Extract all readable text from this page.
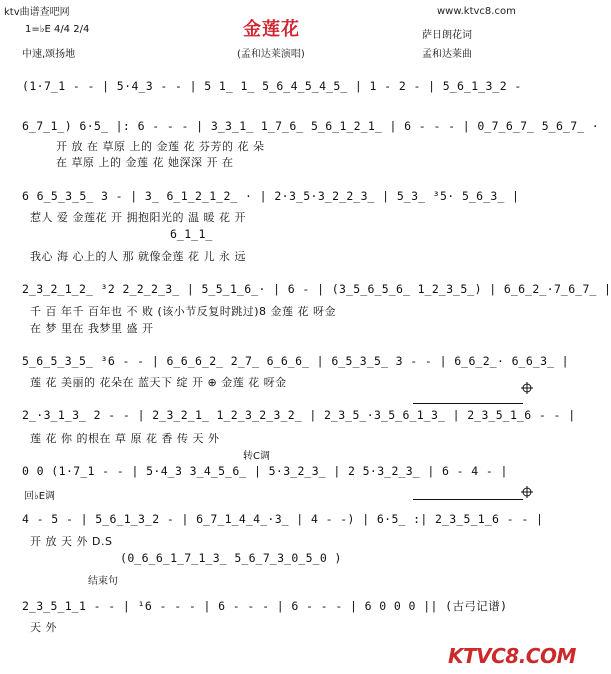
ktv曲谱查吧网	www.ktvc8.com
金莲花
(孟和达莱演唱)
1=♭E 4/4 2/4
中速,颂扬地
萨日朗花词
孟和达莱曲
(1·7̲1 - - | 5·4̲3 - - | 5 1̲ 1̲ 5̲6̲4̲5̲4̲5̲ | 1 - 2 - | 5̲6̲1̲3̲2 -
6̲7̲1̲) 6·5̲ |: 6 - - - | 3̲3̲1̲ 1̲7̲6̲ 5̲6̲1̲2̲1̲ | 6 - - - | 0̲7̲6̲7̲ 5̲6̲7̲ ·
开 放 在 草原 上的 金莲 花 芬芳的 花 朵
在 草原 上的 金莲 花 她深深 开 在
6 6̲5̲3̲5̲ 3 - | 3̲ 6̲1̲2̲1̲2̲ · | 2·3̲5·3̲2̲2̲3̲ | 5̲3̲ ³5· 5̲6̲3̲ |
惹人 爱 金莲花 开 拥抱阳光的 温 暖 花 开
6̲1̲1̲
我心 海 心上的人 那 就像金莲 花 儿 永 远
2̲3̲2̲1̲2̲ ³2 2̲2̲2̲3̲ | 5̲5̲1̲6̲· | 6 - | (3̲5̲6̲5̲6̲ 1̲2̲3̲5̲) | 6̲6̲2̲·7̲6̲7̲ |
千 百 年千 百年也 不 败 (该小节反复时跳过)8 金莲 花 呀金
在 梦 里在 我梦里 盛 开
5̲6̲5̲3̲5̲ ³6 - - | 6̲6̲6̲2̲ 2̲7̲ 6̲6̲6̲ | 6̲5̲3̲5̲ 3 - - | 6̲6̲2̲· 6̲6̲3̲ |
莲 花 美丽的 花朵在 蓝天下 绽 开 ⊕ 金莲 花 呀金
2̲·3̲1̲3̲ 2 - - | 2̲3̲2̲1̲ 1̲2̲3̲2̲3̲2̲ | 2̲3̲5̲·3̲5̲6̲1̲3̲ | 2̲3̲5̲1̲6 - - |
莲 花 你 的根在 草 原 花 香 传 天 外
转C调
0 0 (1·7̲1 - - | 5·4̲3 3̲4̲5̲6̲ | 5·3̲2̲3̲ | 2 5·3̲2̲3̲ | 6 - 4 - |
回♭E调
4 - 5 - | 5̲6̲1̲3̲2 - | 6̲7̲1̲4̲4̲·3̲ | 4 - -) | 6·5̲ :| 2̲3̲5̲1̲6 - - |
开 放 天 外 D.S
(0̲6̲6̲1̲7̲1̲3̲ 5̲6̲7̲3̲0̲5̲0 )
结束句
2̲3̲5̲1̲1 - - | ¹6 - - - | 6 - - - | 6 - - - | 6 0 0 0 || (古弓记谱)
天 外
KTVC8.COM
